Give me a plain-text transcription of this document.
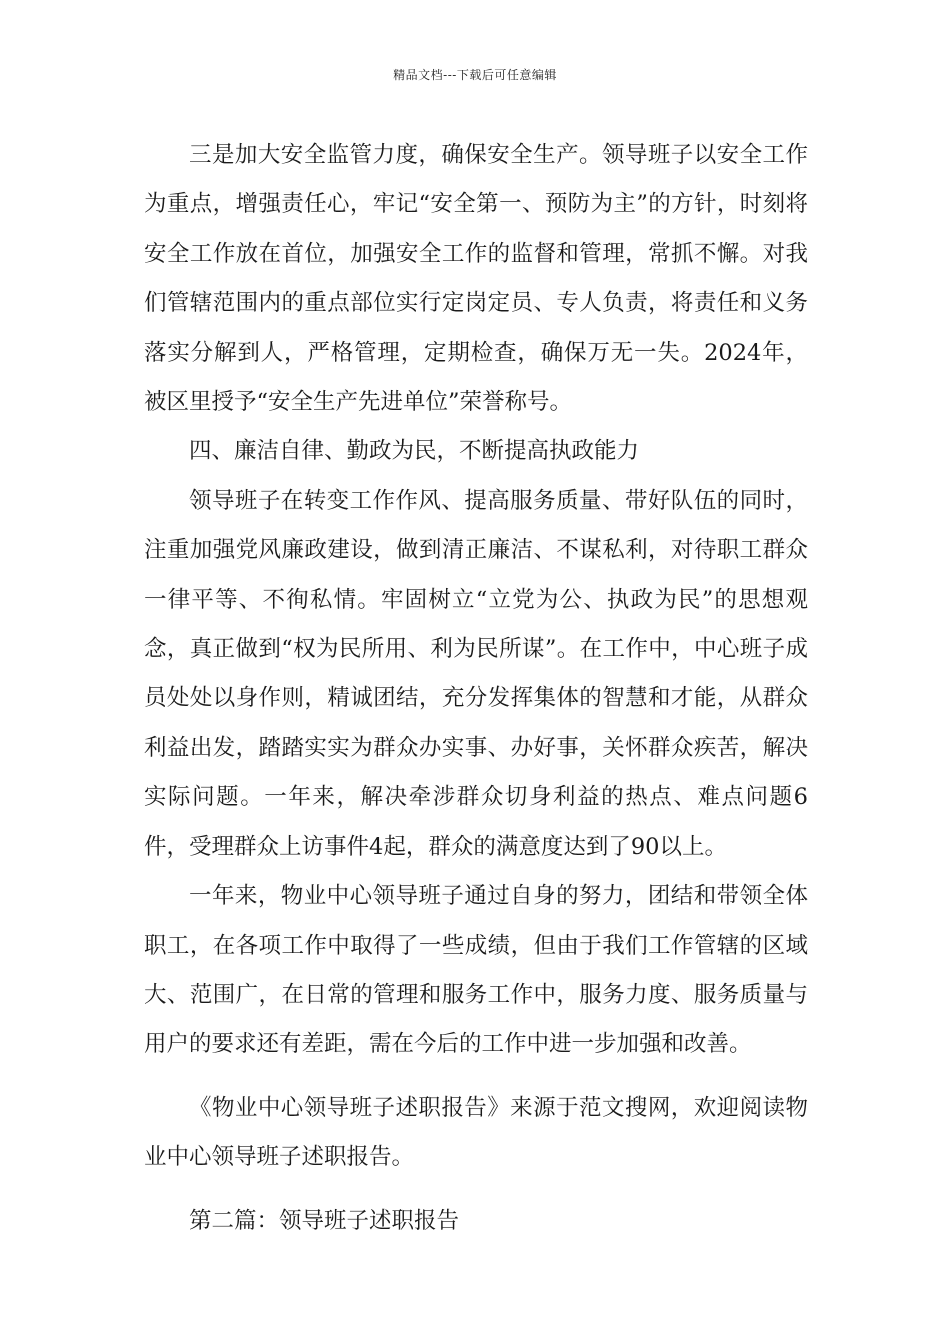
精品文档---下载后可任意编辑

三是加大安全监管力度，确保安全生产。领导班子以安全工作为重点，增强责任心，牢记“安全第一、预防为主”的方针，时刻将安全工作放在首位，加强安全工作的监督和管理，常抓不懈。对我们管辖范围内的重点部位实行定岗定员、专人负责，将责任和义务落实分解到人，严格管理，定期检查，确保万无一失。2024年，被区里授予“安全生产先进单位”荣誉称号。

四、廉洁自律、勤政为民，不断提高执政能力

领导班子在转变工作作风、提高服务质量、带好队伍的同时，注重加强党风廉政建设，做到清正廉洁、不谋私利，对待职工群众一律平等、不徇私情。牢固树立“立党为公、执政为民”的思想观念，真正做到“权为民所用、利为民所谋”。在工作中，中心班子成员处处以身作则，精诚团结，充分发挥集体的智慧和才能，从群众利益出发，踏踏实实为群众办实事、办好事，关怀群众疾苦，解决实际问题。一年来，解决牵涉群众切身利益的热点、难点问题6件，受理群众上访事件4起，群众的满意度达到了90以上。

一年来，物业中心领导班子通过自身的努力，团结和带领全体职工，在各项工作中取得了一些成绩，但由于我们工作管辖的区域大、范围广，在日常的管理和服务工作中，服务力度、服务质量与用户的要求还有差距，需在今后的工作中进一步加强和改善。

《物业中心领导班子述职报告》来源于范文搜网，欢迎阅读物业中心领导班子述职报告。

第二篇：领导班子述职报告
